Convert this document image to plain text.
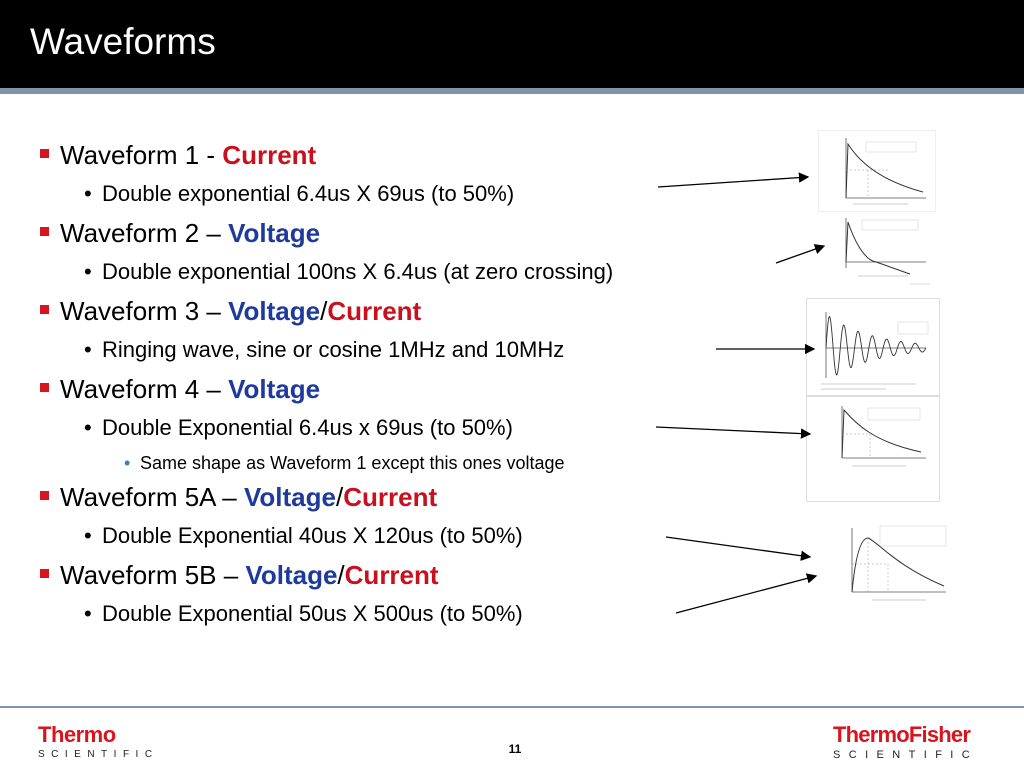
Waveforms
Waveform 1 - Current
• Double exponential 6.4us X 69us (to 50%)
Waveform 2 – Voltage
• Double exponential 100ns X 6.4us (at zero crossing)
Waveform 3 – Voltage/Current
• Ringing wave, sine or cosine 1MHz and 10MHz
Waveform 4 – Voltage
• Double Exponential 6.4us x 69us (to 50%)
• Same shape as Waveform 1 except this ones voltage
Waveform 5A – Voltage/Current
• Double Exponential 40us X 120us (to 50%)
Waveform 5B – Voltage/Current
• Double Exponential 50us X 500us (to 50%)
Thermo
SCIENTIFIC	11
ThermoFisher
SCIENTIFIC
